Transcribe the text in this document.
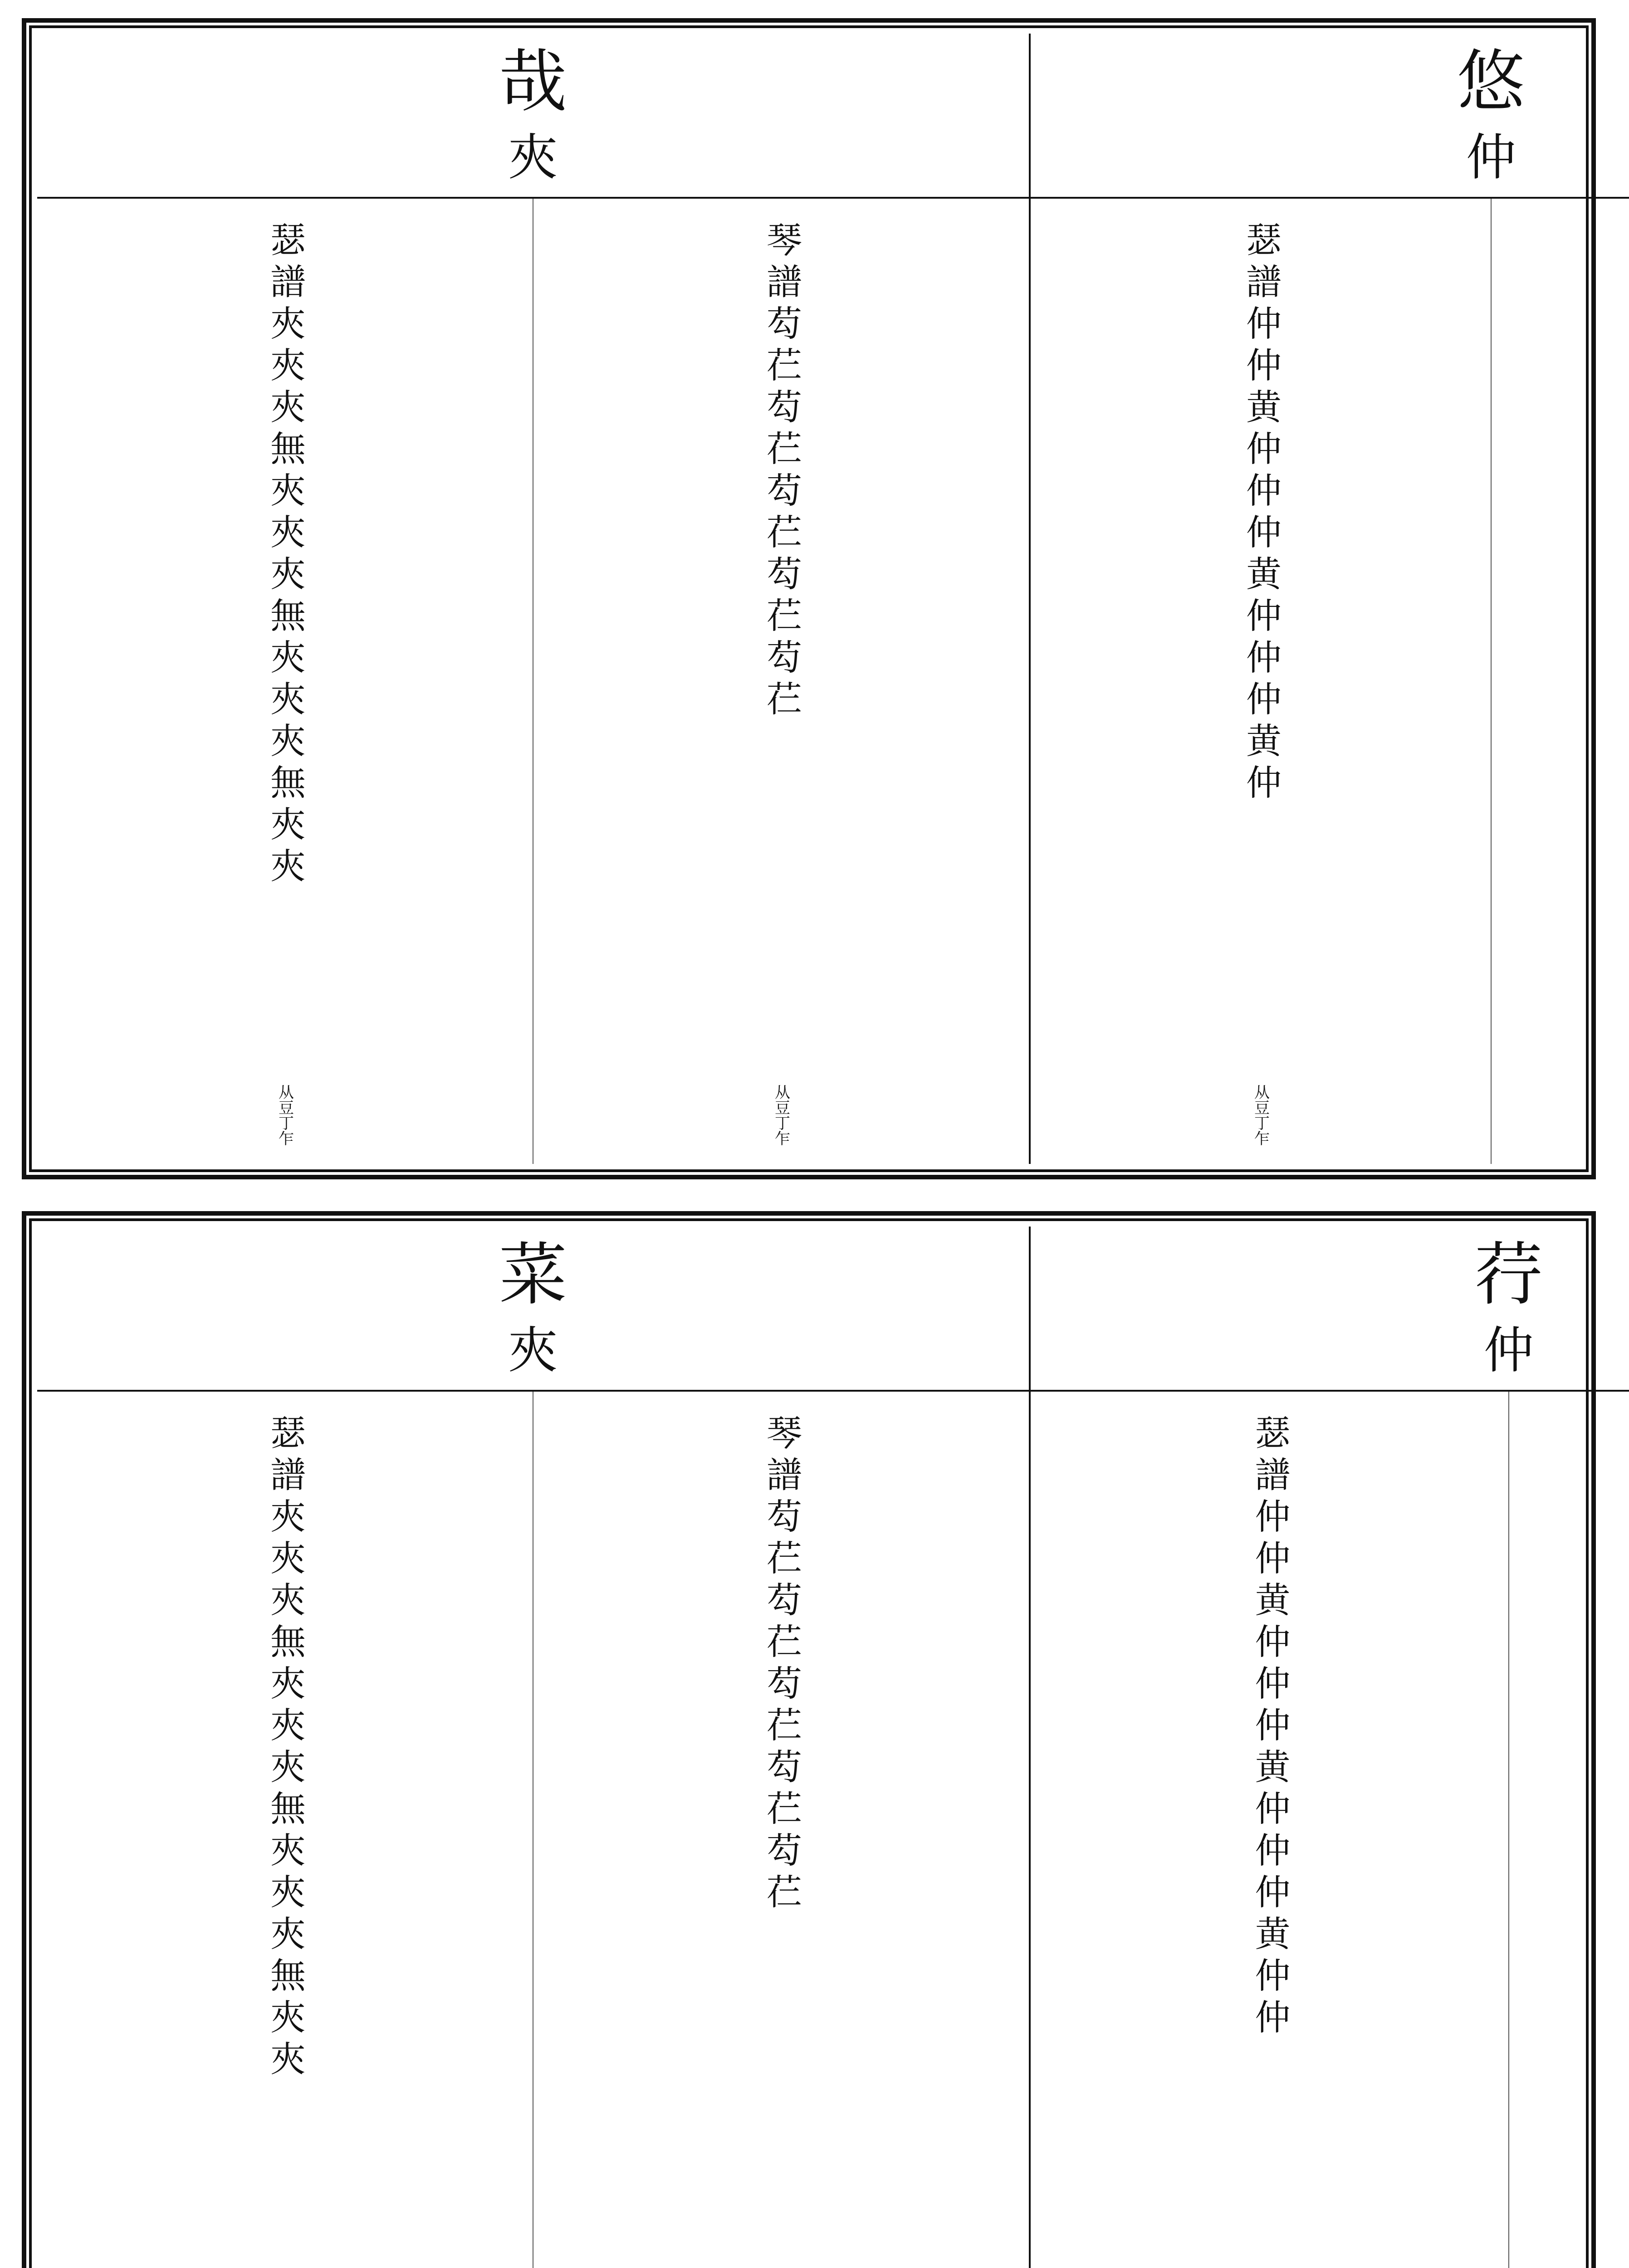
哉
夾
琴譜芶芢芶芢芶芢芶芢芶芢
从豆丁乍
瑟譜夾夾夾無夾夾夾無夾夾夾無夾夾
从豆丁乍
悠
仲
瑟譜仲仲黄仲仲仲黄仲仲仲黄仲
从豆丁乍
菜
夾
琴譜芶芢芶芢芶芢芶芢芶芢
瑟譜夾夾夾無夾夾夾無夾夾夾無夾夾
荇
仲
瑟譜仲仲黄仲仲仲黄仲仲仲黄仲仲
